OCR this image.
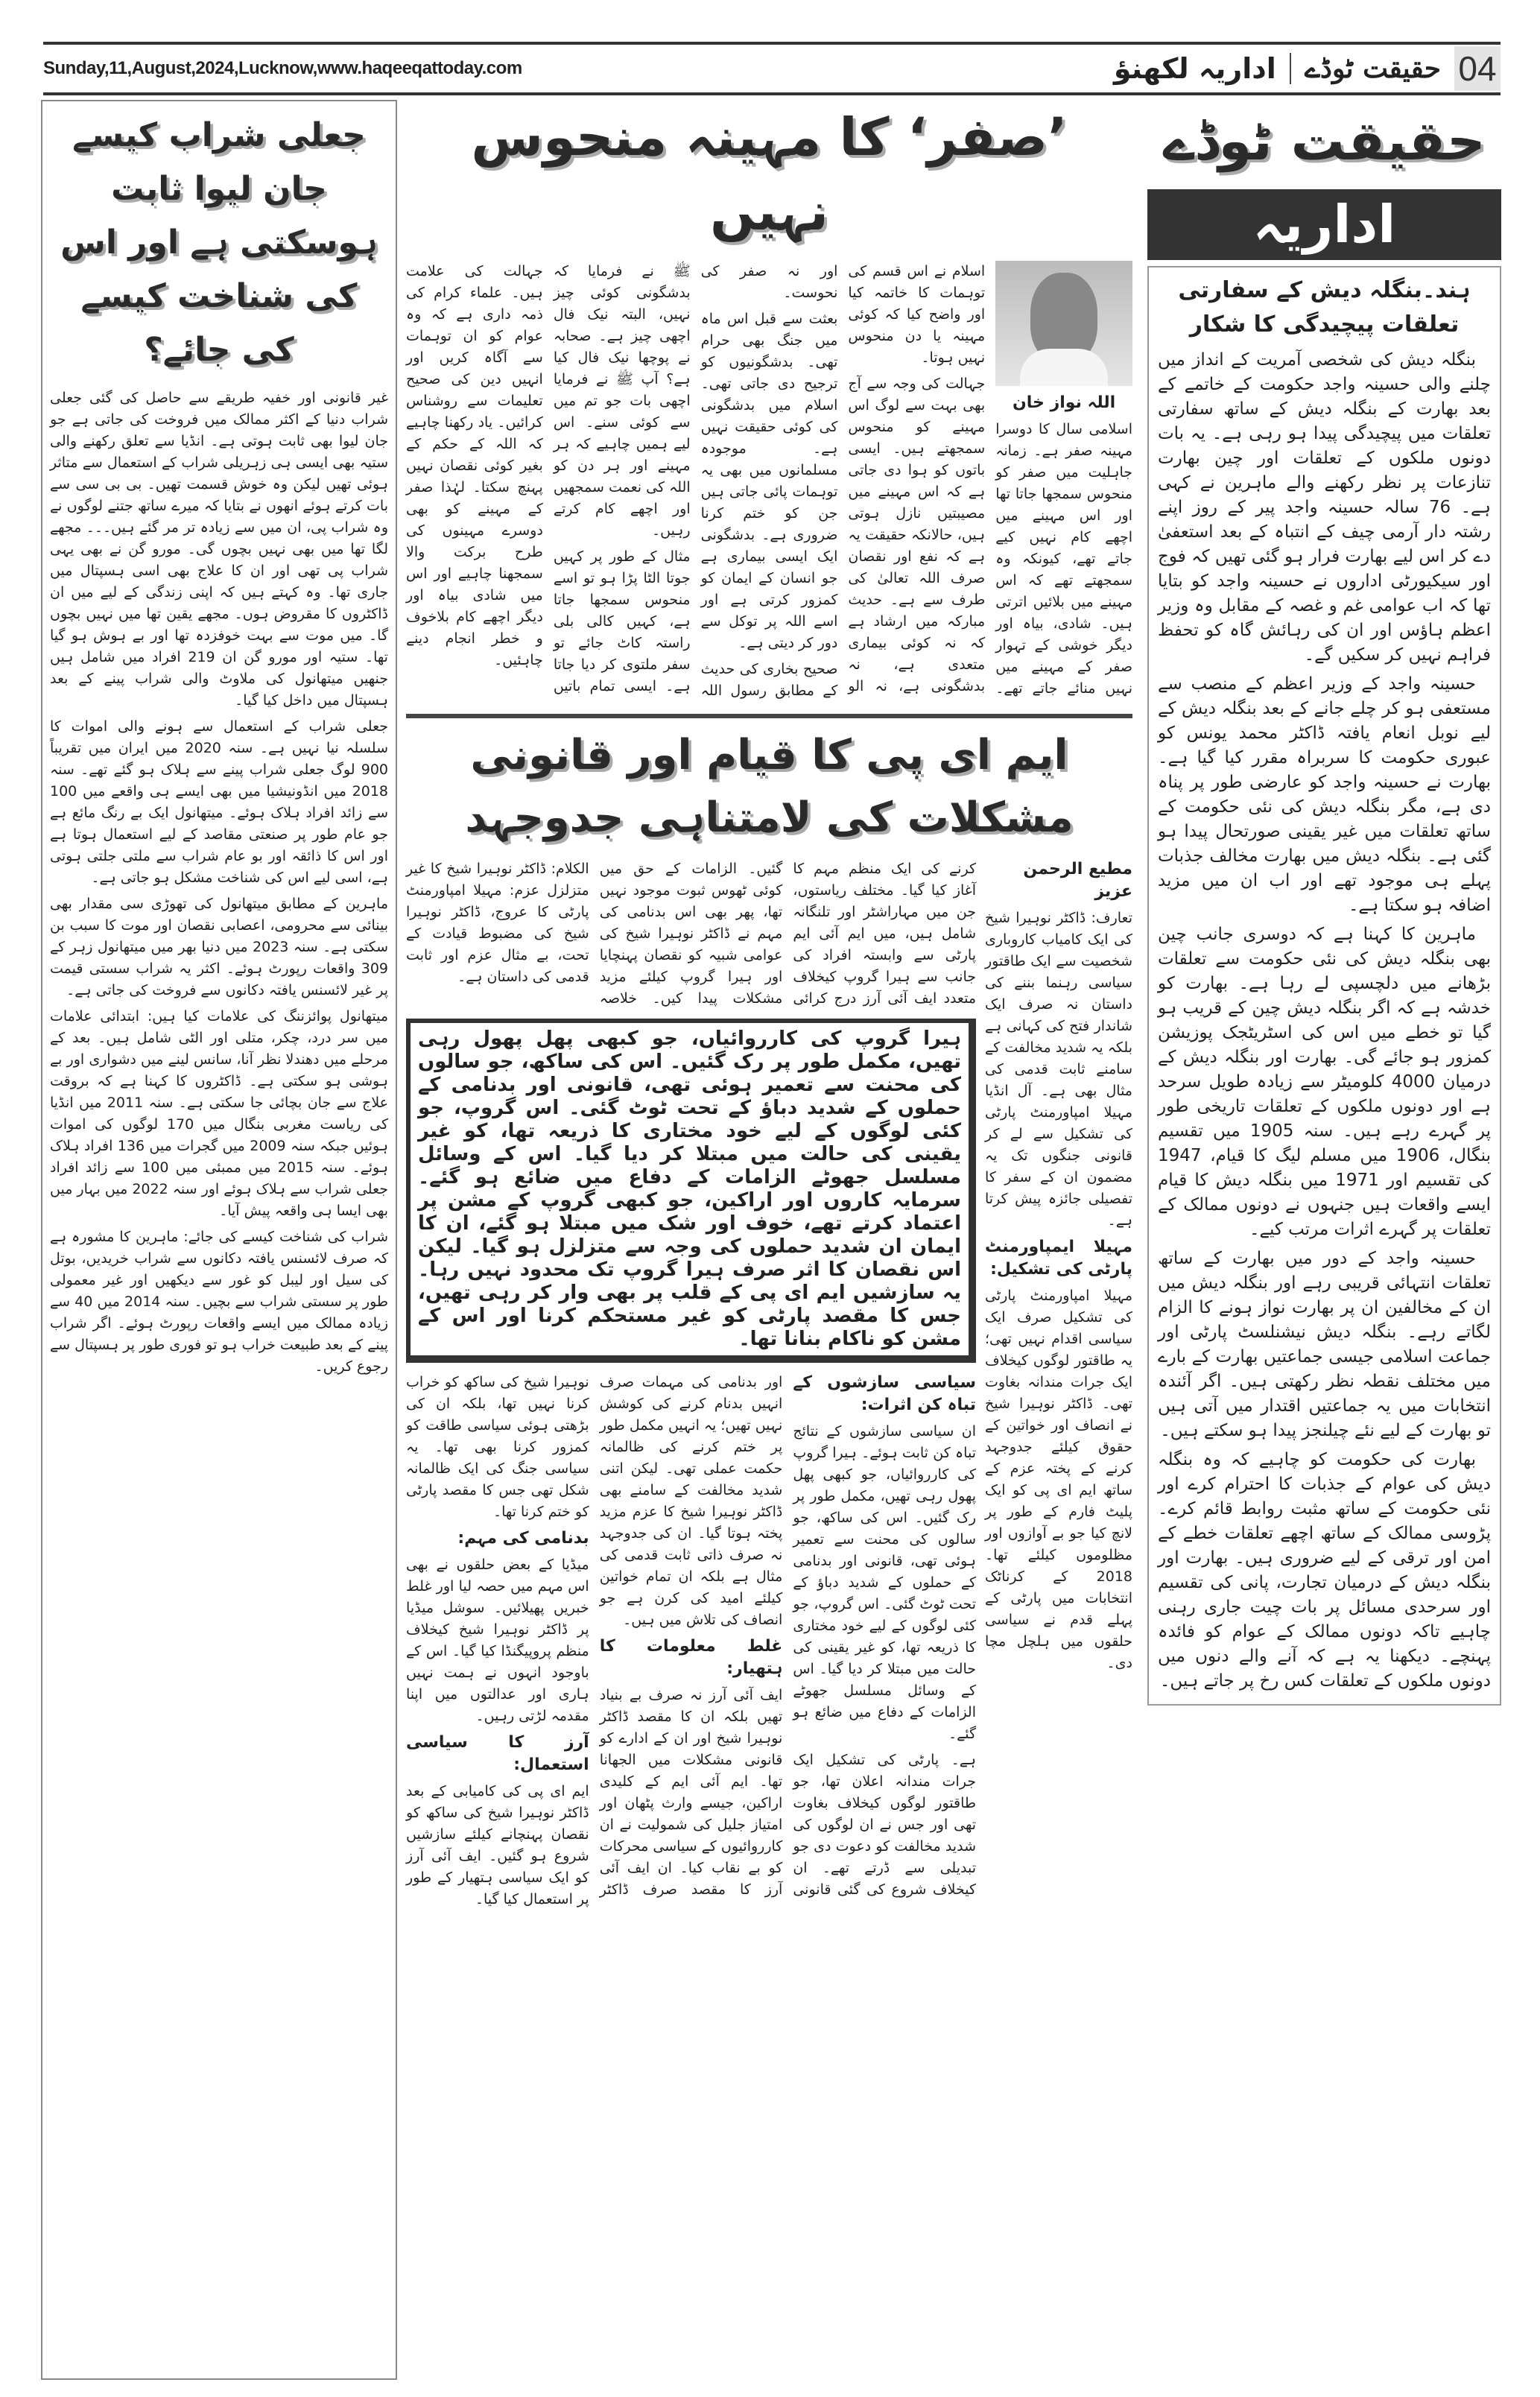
Sunday,11,August,2024,Lucknow,www.haqeeqattoday.com	04
حقیقت ٹوڈے
اداریہ لکھنؤ
جعلی شراب کیسے جان لیوا ثابت ہوسکتی ہے اور اس کی شناخت کیسے کی جائے؟

غیر قانونی اور خفیہ طریقے سے حاصل کی گئی جعلی شراب دنیا کے اکثر ممالک میں فروخت کی جاتی ہے جو جان لیوا بھی ثابت ہوتی ہے۔ انڈیا سے تعلق رکھنے والی ستیہ بھی ایسی ہی زہریلی شراب کے استعمال سے متاثر ہوئی تھیں لیکن وہ خوش قسمت تھیں۔ بی بی سی سے بات کرتے ہوئے انھوں نے بتایا کہ میرے ساتھ جتنے لوگوں نے وہ شراب پی، ان میں سے زیادہ تر مر گئے ہیں۔۔۔ مجھے لگا تھا میں بھی نہیں بچوں گی۔ مورو گن نے بھی یہی شراب پی تھی اور ان کا علاج بھی اسی ہسپتال میں جاری تھا۔ وہ کہتے ہیں کہ اپنی زندگی کے لیے میں ان ڈاکٹروں کا مقروض ہوں۔ مجھے یقین تھا میں نہیں بچوں گا۔ میں موت سے بہت خوفزدہ تھا اور بے ہوش ہو گیا تھا۔ ستیہ اور مورو گن ان 219 افراد میں شامل ہیں جنھیں میتھانول کی ملاوٹ والی شراب پینے کے بعد ہسپتال میں داخل کیا گیا۔

جعلی شراب کے استعمال سے ہونے والی اموات کا سلسلہ نیا نہیں ہے۔ سنہ 2020 میں ایران میں تقریباً 900 لوگ جعلی شراب پینے سے ہلاک ہو گئے تھے۔ سنہ 2018 میں انڈونیشیا میں بھی ایسے ہی واقعے میں 100 سے زائد افراد ہلاک ہوئے۔ میتھانول ایک بے رنگ مائع ہے جو عام طور پر صنعتی مقاصد کے لیے استعمال ہوتا ہے اور اس کا ذائقہ اور بو عام شراب سے ملتی جلتی ہوتی ہے، اسی لیے اس کی شناخت مشکل ہو جاتی ہے۔

ماہرین کے مطابق میتھانول کی تھوڑی سی مقدار بھی بینائی سے محرومی، اعصابی نقصان اور موت کا سبب بن سکتی ہے۔ سنہ 2023 میں دنیا بھر میں میتھانول زہر کے 309 واقعات رپورٹ ہوئے۔ اکثر یہ شراب سستی قیمت پر غیر لائسنس یافتہ دکانوں سے فروخت کی جاتی ہے۔

میتھانول پوائزننگ کی علامات کیا ہیں: ابتدائی علامات میں سر درد، چکر، متلی اور الٹی شامل ہیں۔ بعد کے مرحلے میں دھندلا نظر آنا، سانس لینے میں دشواری اور بے ہوشی ہو سکتی ہے۔ ڈاکٹروں کا کہنا ہے کہ بروقت علاج سے جان بچائی جا سکتی ہے۔ سنہ 2011 میں انڈیا کی ریاست مغربی بنگال میں 170 لوگوں کی اموات ہوئیں جبکہ سنہ 2009 میں گجرات میں 136 افراد ہلاک ہوئے۔ سنہ 2015 میں ممبئی میں 100 سے زائد افراد جعلی شراب سے ہلاک ہوئے اور سنہ 2022 میں بہار میں بھی ایسا ہی واقعہ پیش آیا۔

شراب کی شناخت کیسے کی جائے: ماہرین کا مشورہ ہے کہ صرف لائسنس یافتہ دکانوں سے شراب خریدیں، بوتل کی سیل اور لیبل کو غور سے دیکھیں اور غیر معمولی طور پر سستی شراب سے بچیں۔ سنہ 2014 میں 40 سے زیادہ ممالک میں ایسے واقعات رپورٹ ہوئے۔ اگر شراب پینے کے بعد طبیعت خراب ہو تو فوری طور پر ہسپتال سے رجوع کریں۔

’صفر‘ کا مہینہ منحوس نہیں
اللہ نواز خان

اسلامی سال کا دوسرا مہینہ صفر ہے۔ زمانہ جاہلیت میں صفر کو منحوس سمجھا جاتا تھا اور اس مہینے میں اچھے کام نہیں کیے جاتے تھے، کیونکہ وہ سمجھتے تھے کہ اس مہینے میں بلائیں اترتی ہیں۔ شادی، بیاہ اور دیگر خوشی کے تہوار صفر کے مہینے میں نہیں منائے جاتے تھے۔ اسلام نے اس قسم کی توہمات کا خاتمہ کیا اور واضح کیا کہ کوئی مہینہ یا دن منحوس نہیں ہوتا۔

جہالت کی وجہ سے آج بھی بہت سے لوگ اس مہینے کو منحوس سمجھتے ہیں۔ ایسی باتوں کو ہوا دی جاتی ہے کہ اس مہینے میں مصیبتیں نازل ہوتی ہیں، حالانکہ حقیقت یہ ہے کہ نفع اور نقصان صرف اللہ تعالیٰ کی طرف سے ہے۔ حدیث مبارکہ میں ارشاد ہے کہ نہ کوئی بیماری متعدی ہے، نہ بدشگونی ہے، نہ الو اور نہ صفر کی نحوست۔

بعثت سے قبل اس ماہ میں جنگ بھی حرام تھی۔ بدشگونیوں کو ترجیح دی جاتی تھی۔ اسلام میں بدشگونی کی کوئی حقیقت نہیں ہے۔ موجودہ مسلمانوں میں بھی یہ توہمات پائی جاتی ہیں جن کو ختم کرنا ضروری ہے۔ بدشگونی ایک ایسی بیماری ہے جو انسان کے ایمان کو کمزور کرتی ہے اور اسے اللہ پر توکل سے دور کر دیتی ہے۔

صحیح بخاری کی حدیث کے مطابق رسول اللہ ﷺ نے فرمایا کہ بدشگونی کوئی چیز نہیں، البتہ نیک فال اچھی چیز ہے۔ صحابہ نے پوچھا نیک فال کیا ہے؟ آپ ﷺ نے فرمایا اچھی بات جو تم میں سے کوئی سنے۔ اس لیے ہمیں چاہیے کہ ہر مہینے اور ہر دن کو اللہ کی نعمت سمجھیں اور اچھے کام کرتے رہیں۔

مثال کے طور پر کہیں جوتا الٹا پڑا ہو تو اسے منحوس سمجھا جاتا ہے، کہیں کالی بلی راستہ کاٹ جائے تو سفر ملتوی کر دیا جاتا ہے۔ ایسی تمام باتیں جہالت کی علامت ہیں۔ علماء کرام کی ذمہ داری ہے کہ وہ عوام کو ان توہمات سے آگاہ کریں اور انہیں دین کی صحیح تعلیمات سے روشناس کرائیں۔ یاد رکھنا چاہیے کہ اللہ کے حکم کے بغیر کوئی نقصان نہیں پہنچ سکتا۔ لہٰذا صفر کے مہینے کو بھی دوسرے مہینوں کی طرح برکت والا سمجھنا چاہیے اور اس میں شادی بیاہ اور دیگر اچھے کام بلاخوف و خطر انجام دینے چاہئیں۔

ایم ای پی کا قیام اور قانونی مشکلات کی لامتناہی جدوجہد
مطیع الرحمن عزیز

تعارف: ڈاکٹر نوہیرا شیخ کی ایک کامیاب کاروباری شخصیت سے ایک طاقتور سیاسی رہنما بننے کی داستان نہ صرف ایک شاندار فتح کی کہانی ہے بلکہ یہ شدید مخالفت کے سامنے ثابت قدمی کی مثال بھی ہے۔ آل انڈیا مہیلا امپاورمنٹ پارٹی کی تشکیل سے لے کر قانونی جنگوں تک یہ مضمون ان کے سفر کا تفصیلی جائزہ پیش کرتا ہے۔

مہیلا ایمپاورمنٹ پارٹی کی تشکیل:

مہیلا امپاورمنٹ پارٹی کی تشکیل صرف ایک سیاسی اقدام نہیں تھی؛ یہ طاقتور لوگوں کیخلاف ایک جرات مندانہ بغاوت تھی۔ ڈاکٹر نوہیرا شیخ نے انصاف اور خواتین کے حقوق کیلئے جدوجہد کرنے کے پختہ عزم کے ساتھ ایم ای پی کو ایک پلیٹ فارم کے طور پر لانچ کیا جو بے آوازوں اور مظلوموں کیلئے تھا۔ 2018 کے کرناٹک انتخابات میں پارٹی کے پہلے قدم نے سیاسی حلقوں میں ہلچل مچا دی۔

کرنے کی ایک منظم مہم کا آغاز کیا گیا۔ مختلف ریاستوں، جن میں مہاراشٹر اور تلنگانہ شامل ہیں، میں ایم آئی ایم پارٹی سے وابستہ افراد کی جانب سے ہیرا گروپ کیخلاف متعدد ایف آئی آرز درج کرائی گئیں۔ الزامات کے حق میں کوئی ٹھوس ثبوت موجود نہیں تھا، پھر بھی اس بدنامی کی مہم نے ڈاکٹر نوہیرا شیخ کی عوامی شبیہ کو نقصان پہنچایا اور ہیرا گروپ کیلئے مزید مشکلات پیدا کیں۔ خلاصہ الکلام: ڈاکٹر نوہیرا شیخ کا غیر متزلزل عزم: مہیلا امپاورمنٹ پارٹی کا عروج، ڈاکٹر نوہیرا شیخ کی مضبوط قیادت کے تحت، بے مثال عزم اور ثابت قدمی کی داستان ہے۔

ہیرا گروپ کی کارروائیاں، جو کبھی پھل پھول رہی تھیں، مکمل طور پر رک گئیں۔ اس کی ساکھ، جو سالوں کی محنت سے تعمیر ہوئی تھی، قانونی اور بدنامی کے حملوں کے شدید دباؤ کے تحت ٹوٹ گئی۔ اس گروپ، جو کئی لوگوں کے لیے خود مختاری کا ذریعہ تھا، کو غیر یقینی کی حالت میں مبتلا کر دیا گیا۔ اس کے وسائل مسلسل جھوٹے الزامات کے دفاع میں ضائع ہو گئے۔ سرمایہ کاروں اور اراکین، جو کبھی گروپ کے مشن پر اعتماد کرتے تھے، خوف اور شک میں مبتلا ہو گئے، ان کا ایمان ان شدید حملوں کی وجہ سے متزلزل ہو گیا۔ لیکن اس نقصان کا اثر صرف ہیرا گروپ تک محدود نہیں رہا۔ یہ سازشیں ایم ای پی کے قلب پر بھی وار کر رہی تھیں، جس کا مقصد پارٹی کو غیر مستحکم کرنا اور اس کے مشن کو ناکام بنانا تھا۔

سیاسی سازشوں کے تباہ کن اثرات:

ان سیاسی سازشوں کے نتائج تباہ کن ثابت ہوئے۔ ہیرا گروپ کی کارروائیاں، جو کبھی پھل پھول رہی تھیں، مکمل طور پر رک گئیں۔ اس کی ساکھ، جو سالوں کی محنت سے تعمیر ہوئی تھی، قانونی اور بدنامی کے حملوں کے شدید دباؤ کے تحت ٹوٹ گئی۔ اس گروپ، جو کئی لوگوں کے لیے خود مختاری کا ذریعہ تھا، کو غیر یقینی کی حالت میں مبتلا کر دیا گیا۔ اس کے وسائل مسلسل جھوٹے الزامات کے دفاع میں ضائع ہو گئے۔

ہے۔ پارٹی کی تشکیل ایک جرات مندانہ اعلان تھا، جو طاقتور لوگوں کیخلاف بغاوت تھی اور جس نے ان لوگوں کی شدید مخالفت کو دعوت دی جو تبدیلی سے ڈرتے تھے۔ ان کیخلاف شروع کی گئی قانونی اور بدنامی کی مہمات صرف انہیں بدنام کرنے کی کوشش نہیں تھیں؛ یہ انہیں مکمل طور پر ختم کرنے کی ظالمانہ حکمت عملی تھی۔ لیکن اتنی شدید مخالفت کے سامنے بھی ڈاکٹر نوہیرا شیخ کا عزم مزید پختہ ہوتا گیا۔ ان کی جدوجہد نہ صرف ذاتی ثابت قدمی کی مثال ہے بلکہ ان تمام خواتین کیلئے امید کی کرن ہے جو انصاف کی تلاش میں ہیں۔

غلط معلومات کا ہتھیار:

ایف آئی آرز نہ صرف بے بنیاد تھیں بلکہ ان کا مقصد ڈاکٹر نوہیرا شیخ اور ان کے ادارے کو قانونی مشکلات میں الجھانا تھا۔ ایم آئی ایم کے کلیدی اراکین، جیسے وارث پٹھان اور امتیاز جلیل کی شمولیت نے ان کارروائیوں کے سیاسی محرکات کو بے نقاب کیا۔ ان ایف آئی آرز کا مقصد صرف ڈاکٹر نوہیرا شیخ کی ساکھ کو خراب کرنا نہیں تھا، بلکہ ان کی بڑھتی ہوئی سیاسی طاقت کو کمزور کرنا بھی تھا۔ یہ سیاسی جنگ کی ایک ظالمانہ شکل تھی جس کا مقصد پارٹی کو ختم کرنا تھا۔

بدنامی کی مہم:

میڈیا کے بعض حلقوں نے بھی اس مہم میں حصہ لیا اور غلط خبریں پھیلائیں۔ سوشل میڈیا پر ڈاکٹر نوہیرا شیخ کیخلاف منظم پروپیگنڈا کیا گیا۔ اس کے باوجود انہوں نے ہمت نہیں ہاری اور عدالتوں میں اپنا مقدمہ لڑتی رہیں۔

آرز کا سیاسی استعمال:

ایم ای پی کی کامیابی کے بعد ڈاکٹر نوہیرا شیخ کی ساکھ کو نقصان پہنچانے کیلئے سازشیں شروع ہو گئیں۔ ایف آئی آرز کو ایک سیاسی ہتھیار کے طور پر استعمال کیا گیا۔

حقیقت ٹوڈے
اداریہ
ہند۔بنگلہ دیش کے سفارتی تعلقات پیچیدگی کا شکار

بنگلہ دیش کی شخصی آمریت کے انداز میں چلنے والی حسینہ واجد حکومت کے خاتمے کے بعد بھارت کے بنگلہ دیش کے ساتھ سفارتی تعلقات میں پیچیدگی پیدا ہو رہی ہے۔ یہ بات دونوں ملکوں کے تعلقات اور چین بھارت تنازعات پر نظر رکھنے والے ماہرین نے کہی ہے۔ 76 سالہ حسینہ واجد پیر کے روز اپنے رشتہ دار آرمی چیف کے انتباہ کے بعد استعفیٰ دے کر اس لیے بھارت فرار ہو گئی تھیں کہ فوج اور سیکیورٹی اداروں نے حسینہ واجد کو بتایا تھا کہ اب عوامی غم و غصہ کے مقابل وہ وزیر اعظم ہاؤس اور ان کی رہائش گاہ کو تحفظ فراہم نہیں کر سکیں گے۔

حسینہ واجد کے وزیر اعظم کے منصب سے مستعفی ہو کر چلے جانے کے بعد بنگلہ دیش کے لیے نوبل انعام یافتہ ڈاکٹر محمد یونس کو عبوری حکومت کا سربراہ مقرر کیا گیا ہے۔ بھارت نے حسینہ واجد کو عارضی طور پر پناہ دی ہے، مگر بنگلہ دیش کی نئی حکومت کے ساتھ تعلقات میں غیر یقینی صورتحال پیدا ہو گئی ہے۔ بنگلہ دیش میں بھارت مخالف جذبات پہلے ہی موجود تھے اور اب ان میں مزید اضافہ ہو سکتا ہے۔

ماہرین کا کہنا ہے کہ دوسری جانب چین بھی بنگلہ دیش کی نئی حکومت سے تعلقات بڑھانے میں دلچسپی لے رہا ہے۔ بھارت کو خدشہ ہے کہ اگر بنگلہ دیش چین کے قریب ہو گیا تو خطے میں اس کی اسٹریٹجک پوزیشن کمزور ہو جائے گی۔ بھارت اور بنگلہ دیش کے درمیان 4000 کلومیٹر سے زیادہ طویل سرحد ہے اور دونوں ملکوں کے تعلقات تاریخی طور پر گہرے رہے ہیں۔ سنہ 1905 میں تقسیم بنگال، 1906 میں مسلم لیگ کا قیام، 1947 کی تقسیم اور 1971 میں بنگلہ دیش کا قیام ایسے واقعات ہیں جنہوں نے دونوں ممالک کے تعلقات پر گہرے اثرات مرتب کیے۔

حسینہ واجد کے دور میں بھارت کے ساتھ تعلقات انتہائی قریبی رہے اور بنگلہ دیش میں ان کے مخالفین ان پر بھارت نواز ہونے کا الزام لگاتے رہے۔ بنگلہ دیش نیشنلسٹ پارٹی اور جماعت اسلامی جیسی جماعتیں بھارت کے بارے میں مختلف نقطہ نظر رکھتی ہیں۔ اگر آئندہ انتخابات میں یہ جماعتیں اقتدار میں آتی ہیں تو بھارت کے لیے نئے چیلنجز پیدا ہو سکتے ہیں۔

بھارت کی حکومت کو چاہیے کہ وہ بنگلہ دیش کی عوام کے جذبات کا احترام کرے اور نئی حکومت کے ساتھ مثبت روابط قائم کرے۔ پڑوسی ممالک کے ساتھ اچھے تعلقات خطے کے امن اور ترقی کے لیے ضروری ہیں۔ بھارت اور بنگلہ دیش کے درمیان تجارت، پانی کی تقسیم اور سرحدی مسائل پر بات چیت جاری رہنی چاہیے تاکہ دونوں ممالک کے عوام کو فائدہ پہنچے۔ دیکھنا یہ ہے کہ آنے والے دنوں میں دونوں ملکوں کے تعلقات کس رخ پر جاتے ہیں۔
